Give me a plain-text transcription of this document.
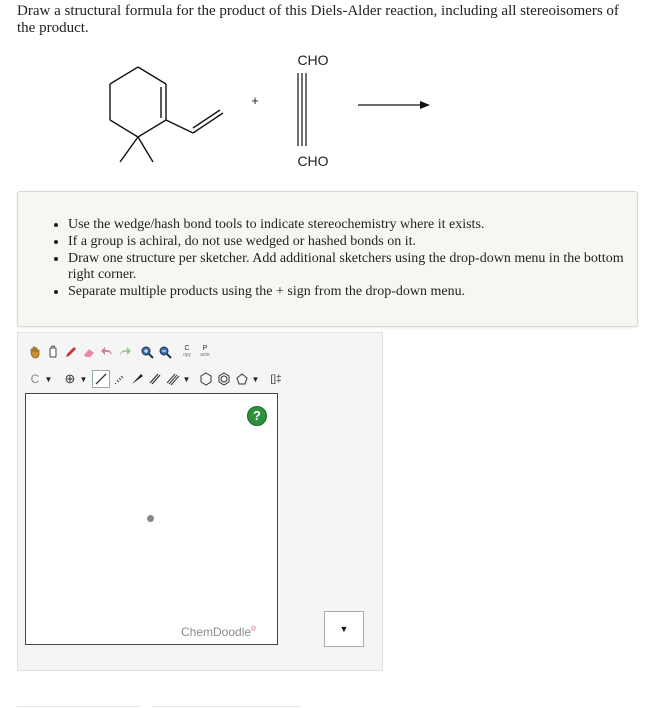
Draw a structural formula for the product of this Diels-Alder reaction, including all stereoisomers of the product.
+
CHO
CHO
• Use the wedge/hash bond tools to indicate stereochemistry where it exists.
• If a group is achiral, do not use wedged or hashed bonds on it.
• Draw one structure per sketcher. Add additional sketchers using the drop-down menu in the bottom right corner.
• Separate multiple products using the + sign from the drop-down menu.
C
opy
P
aste
C ▼ ⊕ ▼	▼	▼	[]‡
?
ChemDoodle®	▼
